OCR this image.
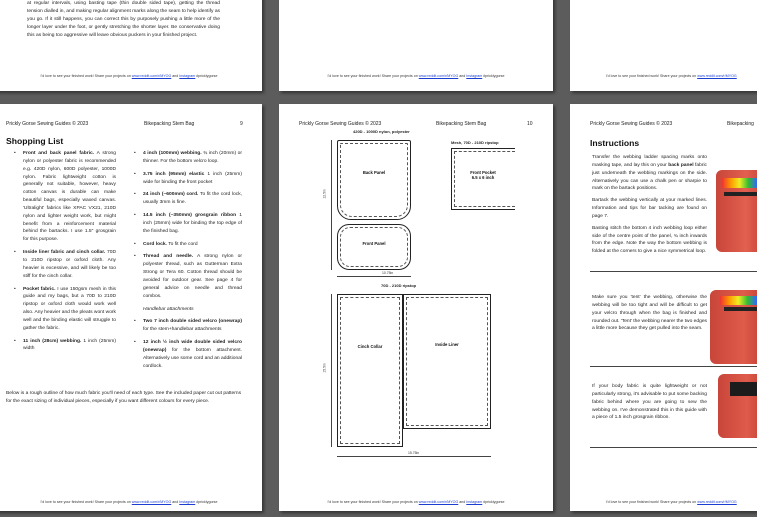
at regular intervals, using basting tape (thin double sided tape), getting the thread tension dialled in, and making regular alignment marks along the seam to help identify as you go. If it still happens, you can correct this by purposely pushing a little more of the longer layer under the foot, or gently stretching the shorter layer. Be conservative doing this as being too aggressive will leave obvious puckers in your finished project.
I'd love to see your finished work! Share your projects on www.reddit.com/r/MYOG and Instagram #pricklygorse	I'd love to see your finished work! Share your projects on www.reddit.com/r/MYOG and Instagram #pricklygorse	I'd love to see your finished work! Share your projects on www.reddit.com/r/MYOG
Prickly Gorse Sewing Guides © 2023	Bikepacking Stem Bag	9
Shopping List
• Front and back panel fabric. A strong nylon or polyester fabric is recommended e.g. 420D nylon, 600D polyester, 1000D nylon. Fabric lightweight cotton is generally not suitable, however, heavy cotton canvas is durable can make beautiful bags, especially waxed canvas. 'Ultralight' fabrics like XPAC VX21, 210D nylon and lighter weight work, but might benefit from a reinforcement material behind the bartacks. I use 1.5" grosgrain for this purpose.
• Inside liner fabric and cinch collar. 70D to 210D ripstop or oxford cloth. Any heavier is excessive, and will likely be too stiff for the cinch collar.
• Pocket fabric. I use 150gsm mesh in this guide and my bags, but a 70D to 210D ripstop or oxford cloth would work well also. Any heavier and the pleats wont work well and the binding elastic will struggle to gather the fabric.
• 11 inch (28cm) webbing. 1 inch (25mm) width
• 4 inch (100mm) webbing. ¾ inch (20mm) or thinner. For the bottom velcro loop.
• 3.75 inch (95mm) elastic 1 inch (25mm) wide for binding the front pocket
• 24 inch (~600mm) cord. To fit the cord lock, usually 3mm is fine.
• 14.5 inch (~350mm) grosgrain ribbon 1 inch (25mm) wide for binding the top edge of the finished bag.
• Cord lock. To fit the cord
• Thread and needle. A strong nylon or polyester thread, such as Gutterman Extra Strong or Tera 60. Cotton thread should be avoided for outdoor gear. See page 4 for general advice on needle and thread combos.
Handlebar attachments
• Two 7 inch double sided velcro (onewrap) for the stem+handlebar attachments
• 12 inch ½ inch wide double sided velcro (onewrap) for the bottom attachment. Alternatively use some cord and an additional cordlock.
Below is a rough outline of how much fabric you'll need of each type. See the included paper cut out patterns for the exact sizing of individual pieces, especially if you want different colours for every piece.
I'd love to see your finished work! Share your projects on www.reddit.com/r/MYOG and Instagram #pricklygorse
Prickly Gorse Sewing Guides © 2023	Bikepacking Stem Bag	10
420D - 1000D nylon, polyester
Mesh, 70D - 210D ripstop
Back Panel
Front Panel
12.5in
10.75in
Front Pocket
6.5 x 6 inch
70D - 210D ripstop
Cinch Collar	Inside Liner
15.5in
15.75in
I'd love to see your finished work! Share your projects on www.reddit.com/r/MYOG and Instagram #pricklygorse
Prickly Gorse Sewing Guides © 2023	Bikepacking
Instructions
Transfer the webbing ladder spacing marks onto masking tape, and lay this on your back panel fabric just underneath the webbing markings on the side. Alternatively you can use a chalk pen or sharpie to mark on the bartack positions.
Bartack the webbing vertically at your marked lines. Information and tips for bar tacking are found on page 7.
Basting stitch the bottom 4 inch webbing loop either side of the centre point of the panel, ¾ inch inwards from the edge. Note the way the bottom webbing is folded at the corners to give a nice symmetrical loop.
Make sure you 'tent' the webbing, otherwise the webbing will be too tight and will be difficult to get your velcro through when the bag is finished and rounded out. 'Tent' the webbing nearer the two edges a little more because they get pulled into the seam.
If your body fabric is quite lightweight or not particularly strong, it's advisable to put some backing fabric behind where you are going to sew the webbing on. I've demonstrated this in this guide with a piece of 1.5 inch grosgrain ribbon.
I'd love to see your finished work! Share your projects on www.reddit.com/r/MYOG
